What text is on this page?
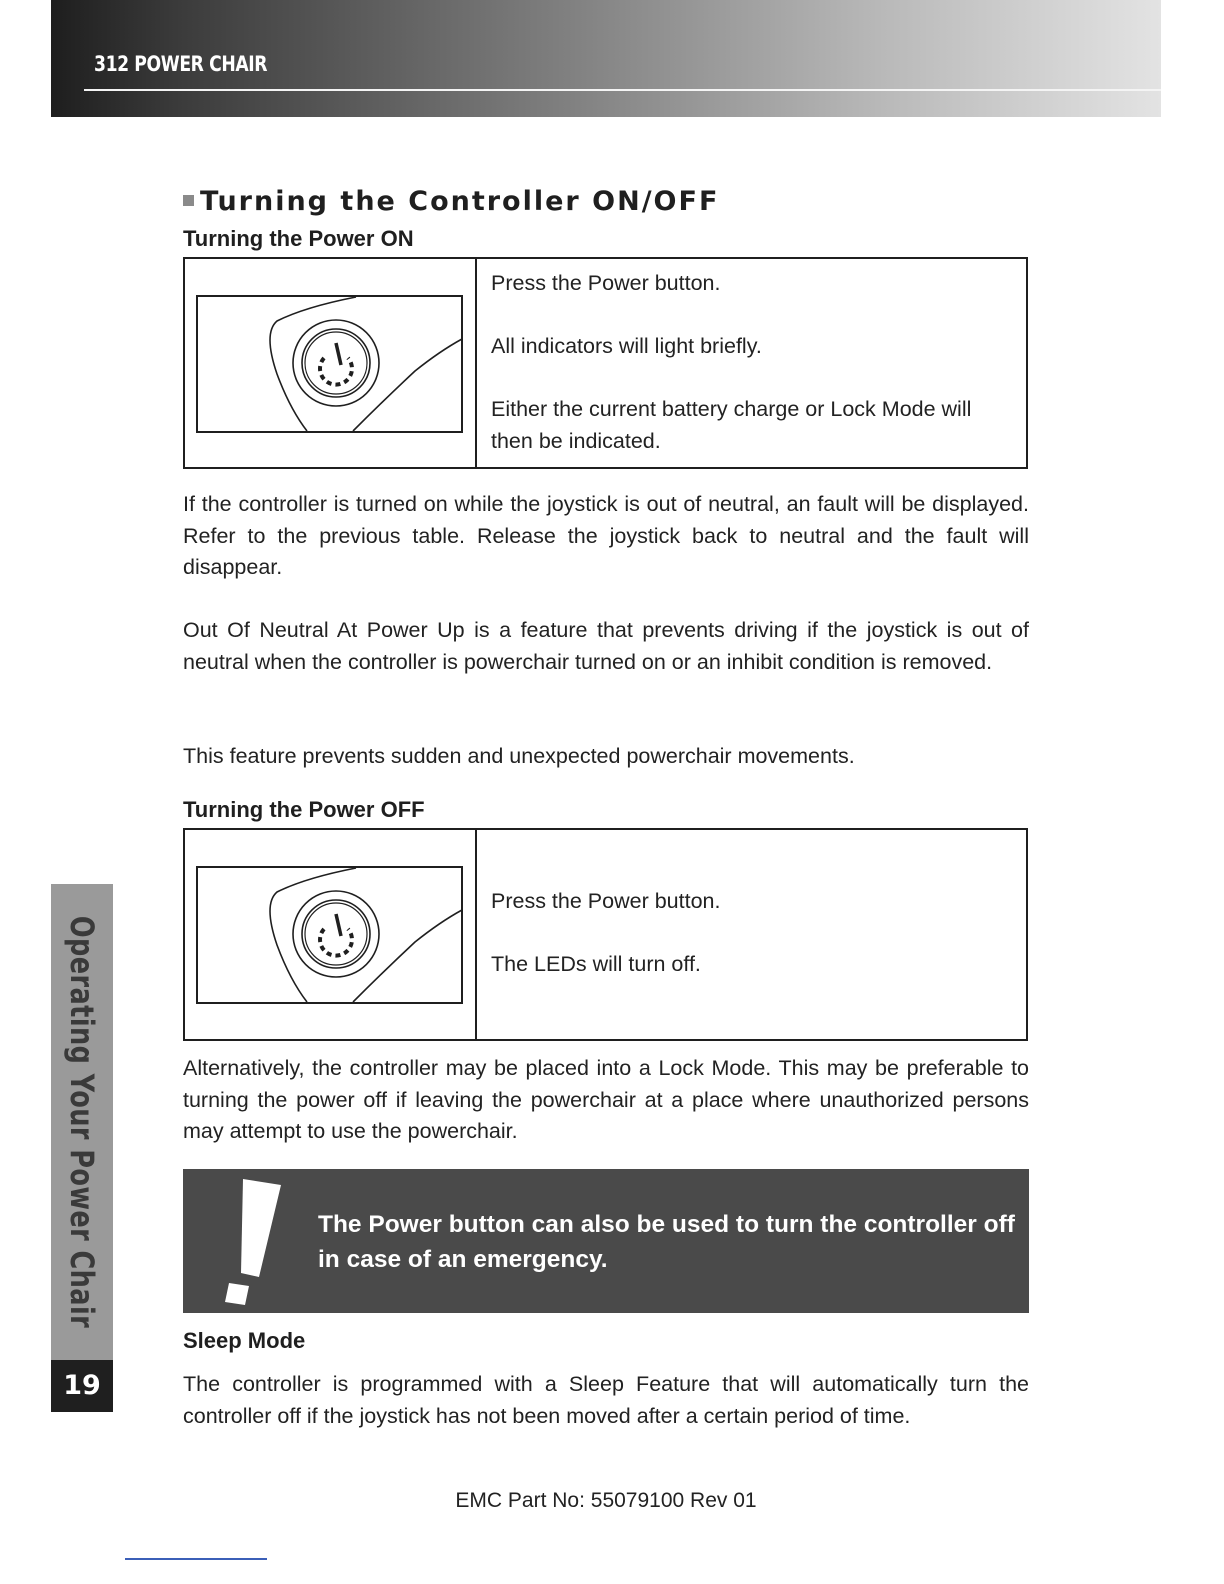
312 POWER CHAIR
Operating Your Power Chair
19
Turning the Controller ON/OFF
Turning the Power ON

Press the Power button.

All indicators will light briefly.

Either the current battery charge or Lock Mode will then be indicated.

If the controller is turned on while the joystick is out of neutral, an fault will be displayed. Refer to the previous table. Release the joystick back to neutral and the fault will disappear.

Out Of Neutral At Power Up is a feature that prevents driving if the joystick is out of neutral when the controller is powerchair turned on or an inhibit condition is removed.

This feature prevents sudden and unexpected powerchair movements.

Turning the Power OFF

Press the Power button.

The LEDs will turn off.

Alternatively, the controller may be placed into a Lock Mode. This may be preferable to turning the power off if leaving the powerchair at a place where unauthorized persons may attempt to use the powerchair.

The Power button can also be used to turn the controller off in case of an emergency.
Sleep Mode

The controller is programmed with a Sleep Feature that will automatically turn the controller off if the joystick has not been moved after a certain period of time.

EMC Part No: 55079100 Rev 01
